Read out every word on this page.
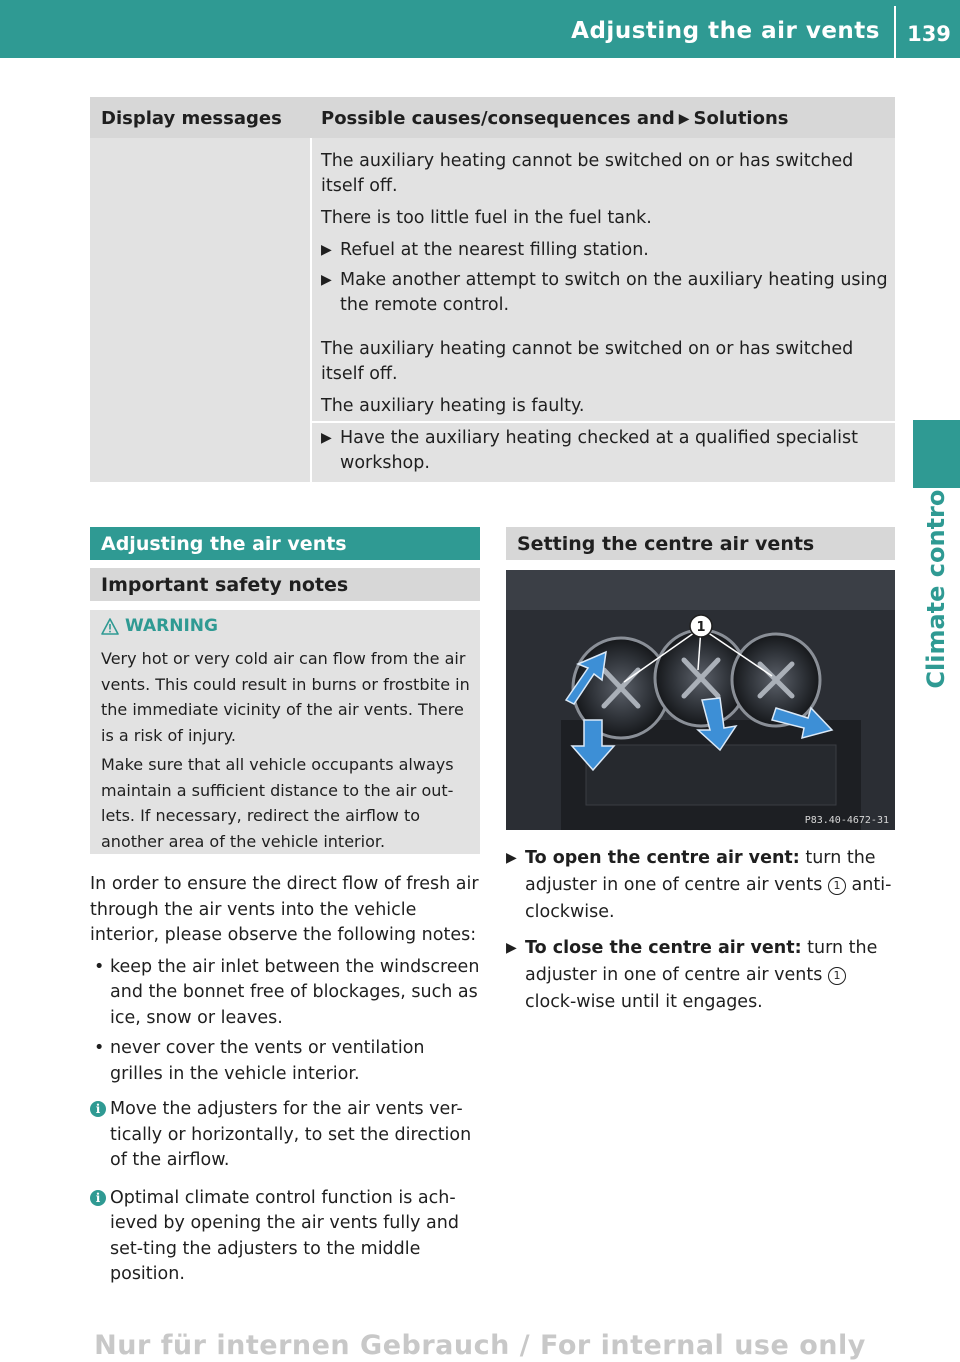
Adjusting the air vents 139
Climate control
Display messages Possible causes/consequences and ▶ Solutions

The auxiliary heating cannot be switched on or has switched itself off.

There is too little fuel in the fuel tank.

▶ Refuel at the nearest filling station.
▶ Make another attempt to switch on the auxiliary heating using the remote control.

The auxiliary heating cannot be switched on or has switched itself off.

The auxiliary heating is faulty.

▶ Have the auxiliary heating checked at a qualified specialist workshop.
Adjusting the air vents
Important safety notes
WARNING

Very hot or very cold air can flow from the air vents. This could result in burns or frostbite in the immediate vicinity of the air vents. There is a risk of injury.

Make sure that all vehicle occupants always maintain a sufficient distance to the air out-lets. If necessary, redirect the airflow to another area of the vehicle interior.

In order to ensure the direct flow of fresh air through the air vents into the vehicle interior, please observe the following notes:

• keep the air inlet between the windscreen and the bonnet free of blockages, such as ice, snow or leaves.
• never cover the vents or ventilation grilles in the vehicle interior.
i Move the adjusters for the air vents ver-tically or horizontally, to set the direction of the airflow.
i Optimal climate control function is ach-ieved by opening the air vents fully and set-ting the adjusters to the middle position.
Setting the centre air vents
1
P83.40-4672-31
▶ To open the centre air vent: turn the adjuster in one of centre air vents 1 anti-clockwise.
▶ To close the centre air vent: turn the adjuster in one of centre air vents 1 clock-wise until it engages.
Nur für internen Gebrauch / For internal use only
